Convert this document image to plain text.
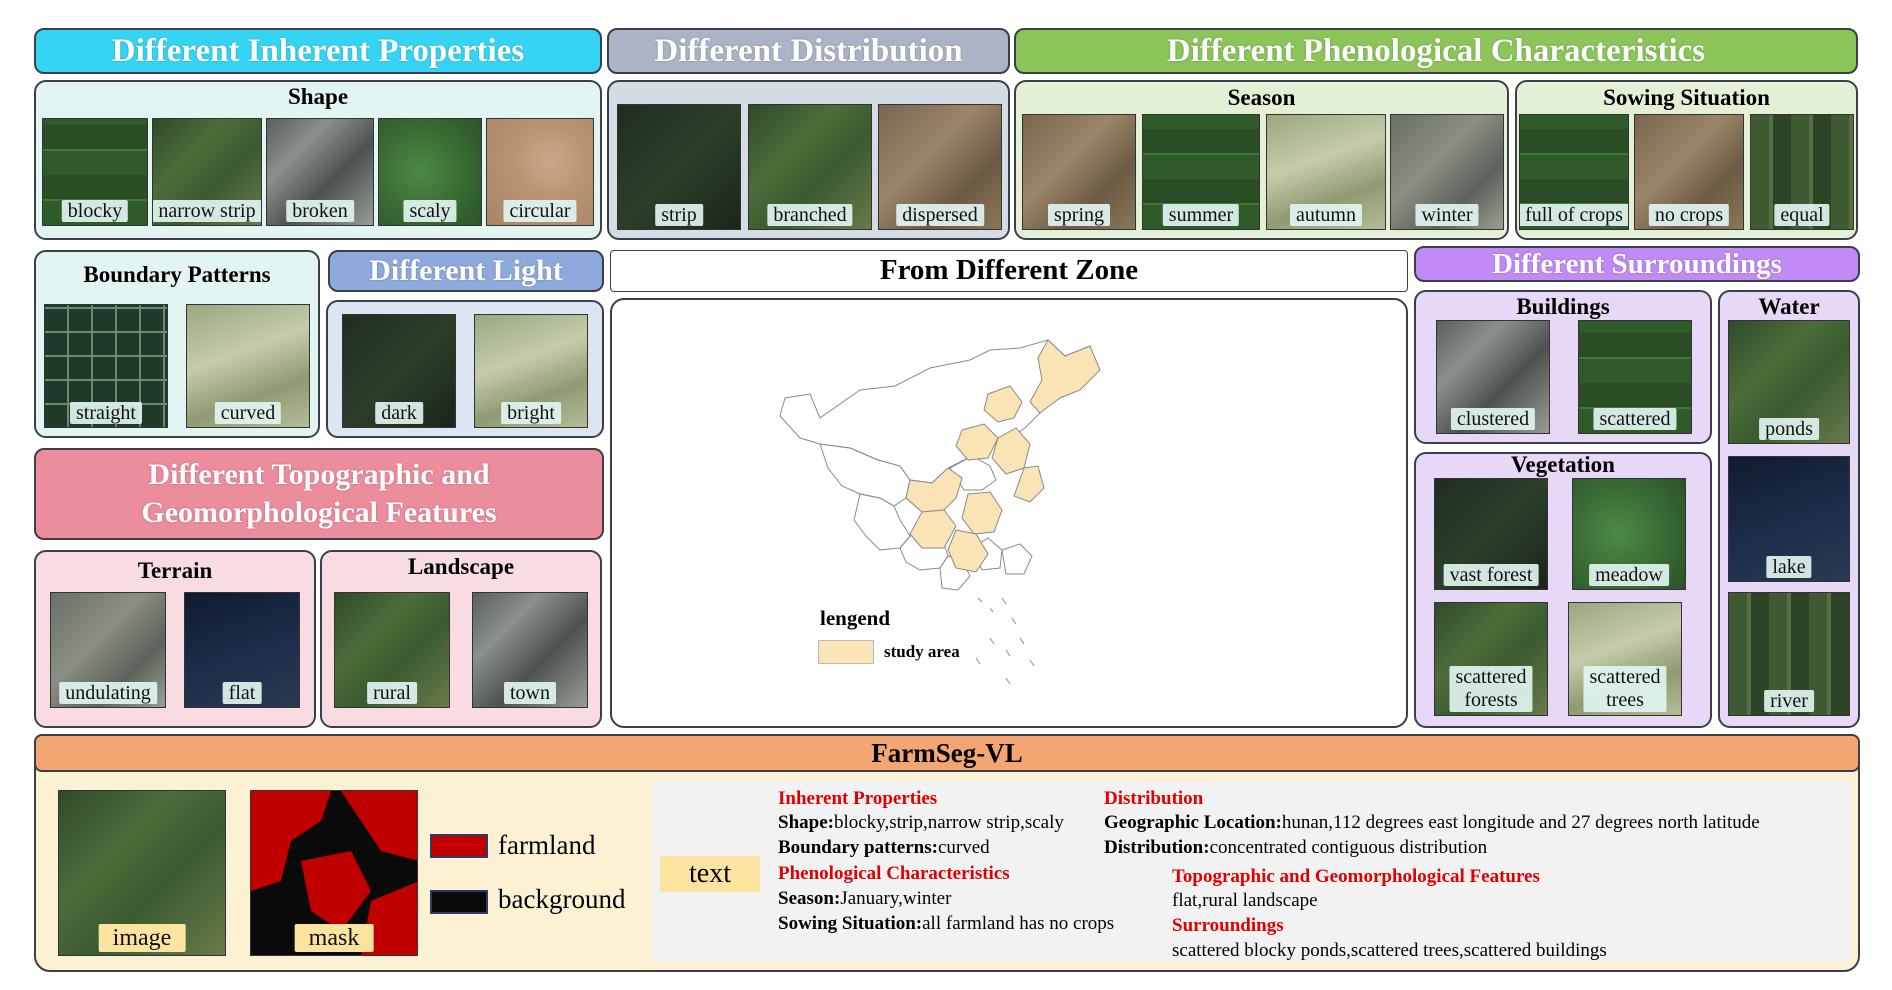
Different Inherent Properties	Different Distribution	Different Phenological Characteristics
Shape
blocky	narrow strip	broken	scaly	circular	strip	branched	dispersed
Season
spring	summer	autumn	winter
Sowing Situation
full of crops	no crops	equal
Boundary Patterns
straight	curved
Different Light
dark	bright
Different Topographic and
Geomorphological Features
Terrain
undulating	flat
Landscape
rural	town
From Different Zone
lengend
study area
Different Surroundings
Buildings
clustered	scattered
Vegetation
vast forest	meadow
scattered
forests
scattered
trees
Water
ponds
lake
river
FarmSeg-VL
image	mask
farmland
background
text
Inherent Properties
Shape:blocky,strip,narrow strip,scaly
Boundary patterns:curved
Phenological Characteristics
Season:January,winter
Sowing Situation:all farmland has no crops
Distribution
Geographic Location:hunan,112 degrees east longitude and 27 degrees north latitude
Distribution:concentrated contiguous distribution
Topographic and Geomorphological Features
flat,rural landscape
Surroundings
scattered blocky ponds,scattered trees,scattered buildings
